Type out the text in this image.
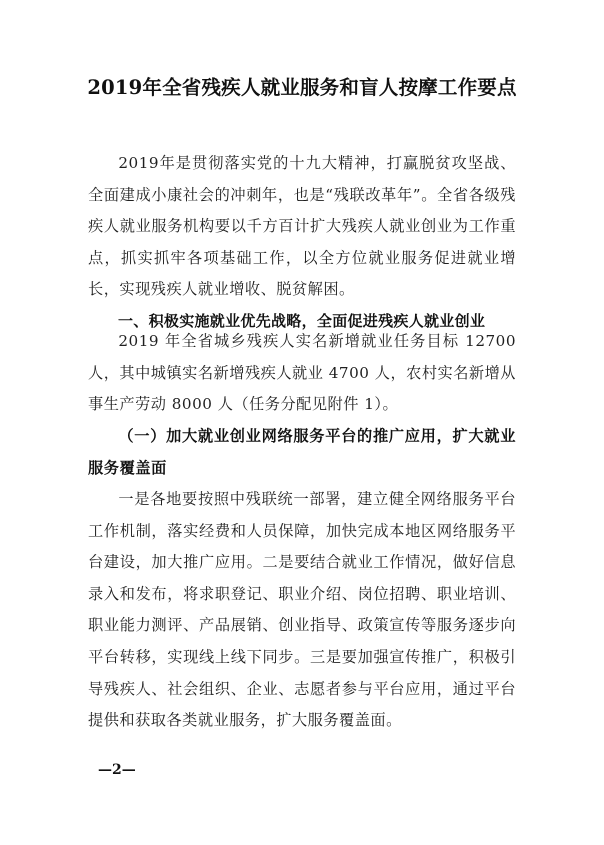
2019年全省残疾人就业服务和盲人按摩工作要点
2019年是贯彻落实党的十九大精神，打赢脱贫攻坚战、全面建成小康社会的冲刺年，也是“残联改革年”。全省各级残疾人就业服务机构要以千方百计扩大残疾人就业创业为工作重点，抓实抓牢各项基础工作，以全方位就业服务促进就业增长，实现残疾人就业增收、脱贫解困。
一、积极实施就业优先战略，全面促进残疾人就业创业
2019 年全省城乡残疾人实名新增就业任务目标 12700人，其中城镇实名新增残疾人就业 4700 人，农村实名新增从事生产劳动 8000 人（任务分配见附件 1）。
（一）加大就业创业网络服务平台的推广应用，扩大就业服务覆盖面
一是各地要按照中残联统一部署，建立健全网络服务平台工作机制，落实经费和人员保障，加快完成本地区网络服务平台建设，加大推广应用。二是要结合就业工作情况，做好信息录入和发布，将求职登记、职业介绍、岗位招聘、职业培训、职业能力测评、产品展销、创业指导、政策宣传等服务逐步向平台转移，实现线上线下同步。三是要加强宣传推广，积极引导残疾人、社会组织、企业、志愿者参与平台应用，通过平台提供和获取各类就业服务，扩大服务覆盖面。
—2—
